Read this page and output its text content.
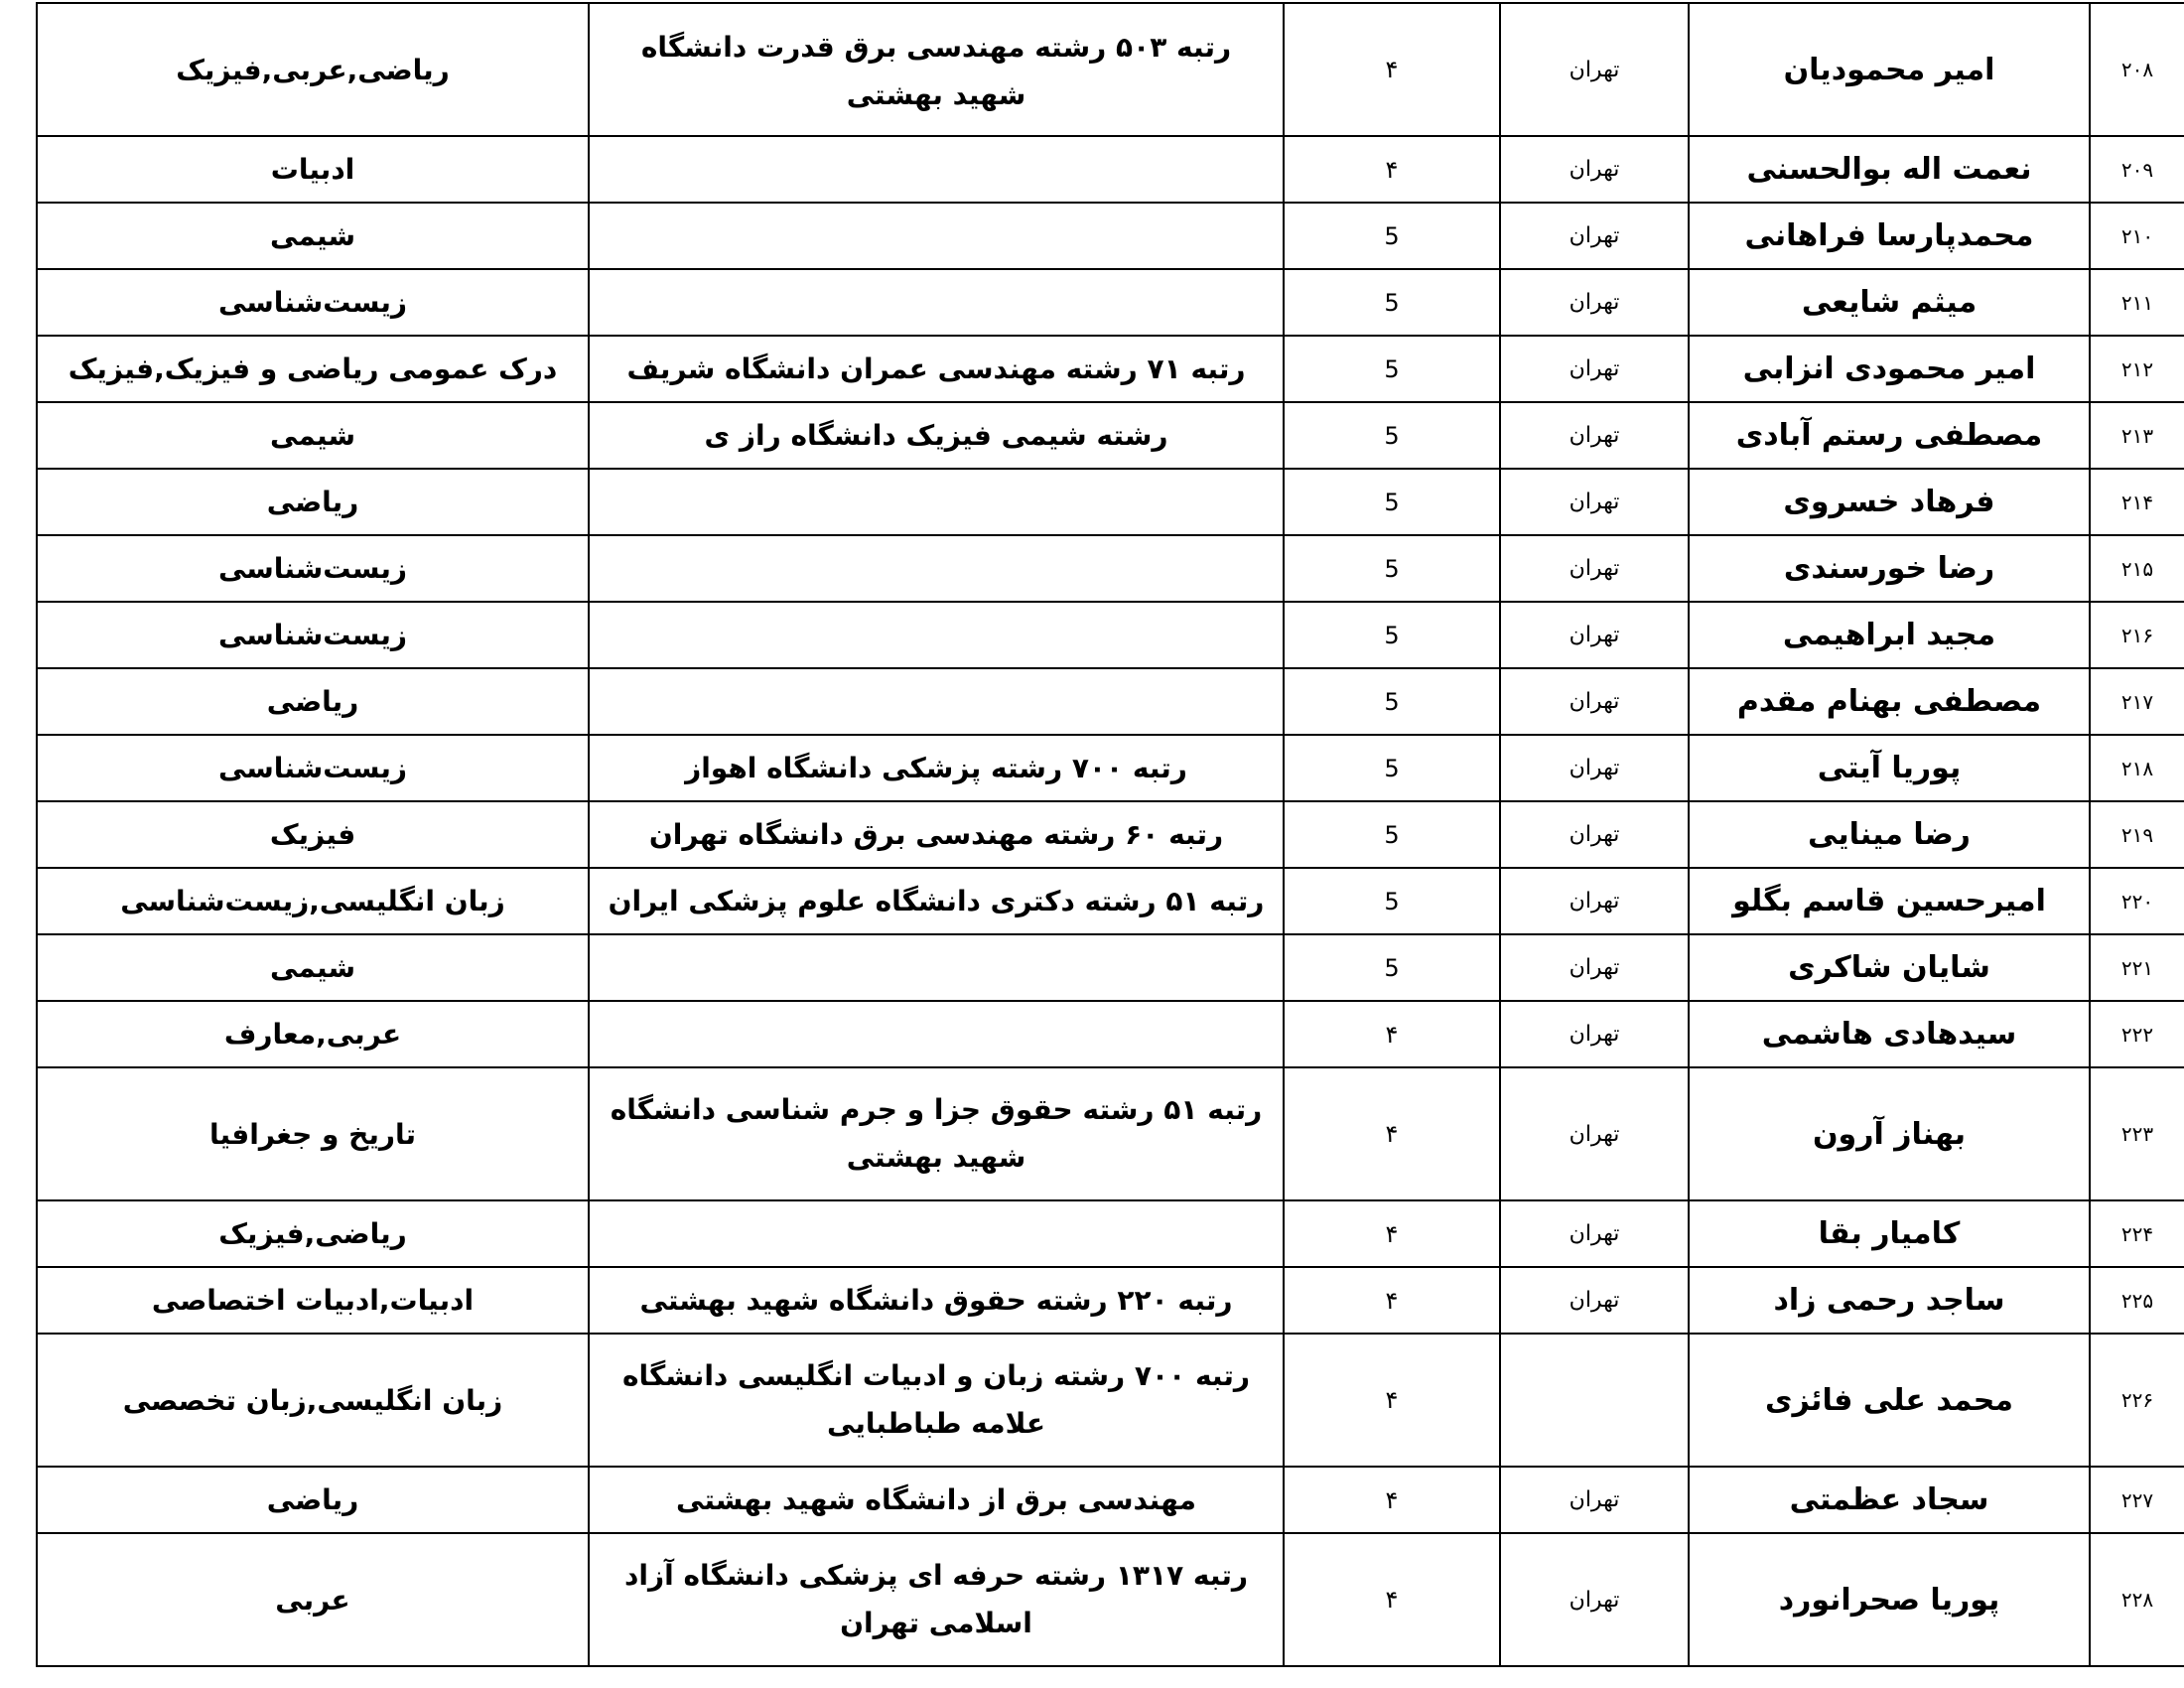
۲۰۸	امیر محمودیان	تهران	۴	رتبه ۵۰۳ رشته مهندسی برق قدرت دانشگاه شهید بهشتی	ریاضی,عربی,فیزیک
۲۰۹	نعمت اله بوالحسنی	تهران	۴		ادبیات
۲۱۰	محمدپارسا فراهانی	تهران	5		شیمی
۲۱۱	میثم شایعی	تهران	5		زیست‌شناسی
۲۱۲	امیر محمودی انزابی	تهران	5	رتبه ۷۱ رشته مهندسی عمران دانشگاه شریف	درک عمومی ریاضی و فیزیک,فیزیک
۲۱۳	مصطفی رستم آبادی	تهران	5	رشته شیمی فیزیک دانشگاه راز ی	شیمی
۲۱۴	فرهاد خسروی	تهران	5		ریاضی
۲۱۵	رضا خورسندی	تهران	5		زیست‌شناسی
۲۱۶	مجید ابراهیمی	تهران	5		زیست‌شناسی
۲۱۷	مصطفی بهنام مقدم	تهران	5		ریاضی
۲۱۸	پوریا آیتی	تهران	5	رتبه ۷۰۰ رشته پزشکی دانشگاه اهواز	زیست‌شناسی
۲۱۹	رضا مینایی	تهران	5	رتبه ۶۰ رشته مهندسی برق دانشگاه تهران	فیزیک
۲۲۰	امیرحسین قاسم بگلو	تهران	5	رتبه ۵۱ رشته دکتری دانشگاه علوم پزشکی ایران	زبان انگلیسی,زیست‌شناسی
۲۲۱	شایان شاکری	تهران	5		شیمی
۲۲۲	سیدهادی هاشمی	تهران	۴		عربی,معارف
۲۲۳	بهناز آرون	تهران	۴	رتبه ۵۱ رشته حقوق جزا و جرم شناسی دانشگاه شهید بهشتی	تاریخ و جغرافیا
۲۲۴	کامیار بقا	تهران	۴		ریاضی,فیزیک
۲۲۵	ساجد رحمی زاد	تهران	۴	رتبه ۲۲۰ رشته حقوق دانشگاه شهید بهشتی	ادبیات,ادبیات اختصاصی
۲۲۶	محمد علی فائزی		۴	رتبه ۷۰۰ رشته زبان و ادبیات انگلیسی دانشگاه علامه طباطبایی	زبان انگلیسی,زبان تخصصی
۲۲۷	سجاد عظمتی	تهران	۴	مهندسی برق از دانشگاه شهید بهشتی	ریاضی
۲۲۸	پوریا صحرانورد	تهران	۴	رتبه ۱۳۱۷ رشته حرفه ای پزشکی دانشگاه آزاد اسلامی تهران	عربی
